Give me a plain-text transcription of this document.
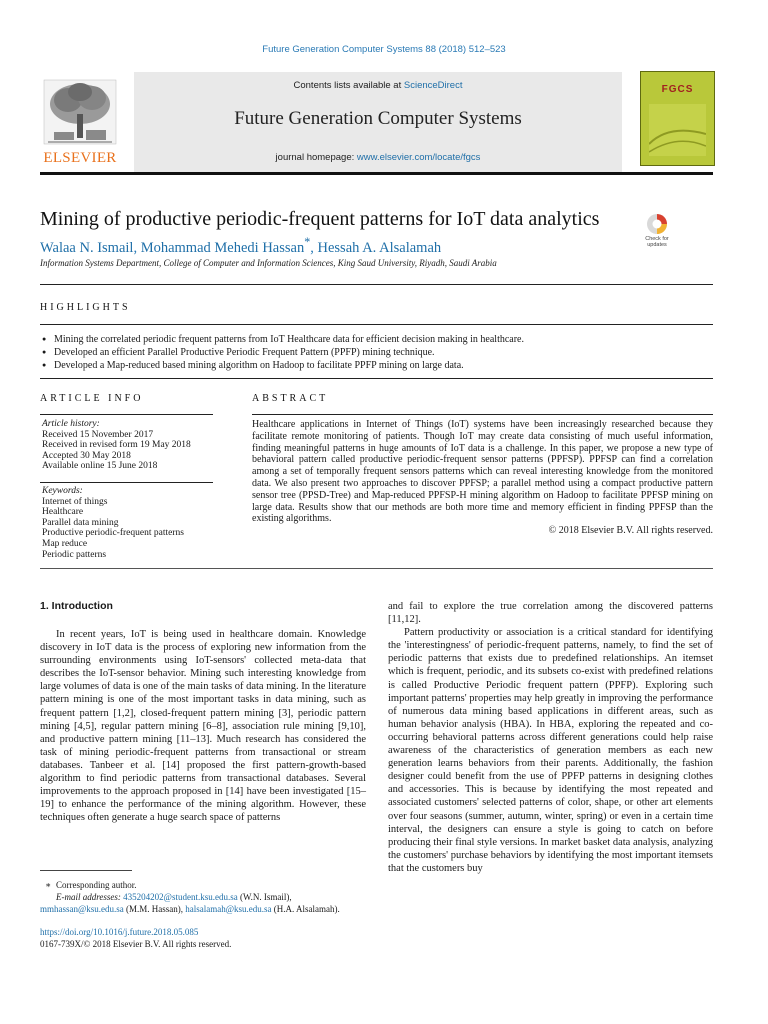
Future Generation Computer Systems 88 (2018) 512–523
ELSEVIER
Contents lists available at ScienceDirect
Future Generation Computer Systems
journal homepage: www.elsevier.com/locate/fgcs
FGCS
Mining of productive periodic-frequent patterns for IoT data analytics
Walaa N. Ismail, Mohammad Mehedi Hassan*, Hessah A. Alsalamah
Information Systems Department, College of Computer and Information Sciences, King Saud University, Riyadh, Saudi Arabia
Check for updates
HIGHLIGHTS
● Mining the correlated periodic frequent patterns from IoT Healthcare data for efficient decision making in healthcare.
● Developed an efficient Parallel Productive Periodic Frequent Pattern (PPFP) mining technique.
● Developed a Map-reduced based mining algorithm on Hadoop to facilitate PPFP mining on large data.
ARTICLE INFO
Article history:
Received 15 November 2017
Received in revised form 19 May 2018
Accepted 30 May 2018
Available online 15 June 2018
Keywords:
Internet of things
Healthcare
Parallel data mining
Productive periodic-frequent patterns
Map reduce
Periodic patterns
ABSTRACT
Healthcare applications in Internet of Things (IoT) systems have been increasingly researched because they facilitate remote monitoring of patients. Though IoT may create data consisting of much useful information, finding meaningful patterns in huge amounts of IoT data is a challenge. In this paper, we propose a new type of behavioral pattern called productive periodic-frequent sensor patterns (PPFSP). PPFSP can find a correlation among a set of temporally frequent sensors patterns which can reveal interesting knowledge from the monitored data. We also present two approaches to discover PPFSP; a parallel method using a compact productive pattern sensor tree (PPSD-Tree) and Map-reduced PPFSP-H mining algorithm on Hadoop to facilitate PPFSP mining on large data. Results show that our methods are both more time and memory efficient in finding PPFSP than the existing algorithms.
© 2018 Elsevier B.V. All rights reserved.
1. Introduction

In recent years, IoT is being used in healthcare domain. Knowledge discovery in IoT data is the process of exploring new information from the surrounding environments using IoT-sensors' collected meta-data that describes the IoT-sensor behavior. Mining such interesting knowledge from large volumes of data is one of the main tasks of data mining. In the literature pattern mining is one of the most important tasks in data mining, such as frequent pattern [1,2], closed-frequent pattern mining [3], periodic pattern mining [4,5], regular pattern mining [6–8], association rule mining [9,10], and productive pattern mining [11–13]. Much research has considered the task of mining periodic-frequent patterns from transactional or stream databases. Tanbeer et al. [14] proposed the first pattern-growth-based algorithm to find periodic patterns from transactional databases. Several improvements to the approach proposed in [14] have been investigated [15–19] to enhance the performance of the mining algorithm. However, these techniques often generate a huge search space of patterns

and fail to explore the true correlation among the discovered patterns [11,12].

Pattern productivity or association is a critical standard for identifying the 'interestingness' of periodic-frequent patterns, namely, to find the set of periodic patterns that exists due to predefined relationships. An itemset which is frequent, periodic, and its subsets co-exist with predefined relations is called Productive Periodic frequent pattern (PPFP). Exploring such important patterns' properties may help greatly in improving the performance of numerous data mining based applications in different areas, such as human behavior analysis (HBA). In HBA, exploring the repeated and co-occurring behavioral patterns across different generations could help raise awareness of the characteristics of generation members as each new generation learns behaviors from their parents. Additionally, the fashion designer could benefit from the use of PPFP patterns in designing clothes and accessories. This is because by identifying the most repeated and associated customers' selected patterns of color, shape, or other art elements over four seasons (summer, autumn, winter, spring) or even in a certain time interval, the designers can ensure a style is going to catch on before producing their final style versions. In market basket data analysis, analyzing the customers' purchase behaviors by identifying the most important itemsets that the customers buy

∗ Corresponding author.
E-mail addresses: 435204202@student.ksu.edu.sa (W.N. Ismail),
mmhassan@ksu.edu.sa (M.M. Hassan), halsalamah@ksu.edu.sa (H.A. Alsalamah).
https://doi.org/10.1016/j.future.2018.05.085
0167-739X/© 2018 Elsevier B.V. All rights reserved.
